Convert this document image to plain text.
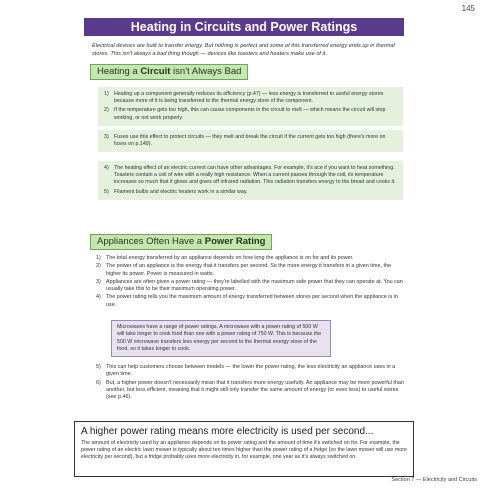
145
Heating in Circuits and Power Ratings
Electrical devices are built to transfer energy. But nothing is perfect and some of this transferred energy ends up in thermal stores. This isn't always a bad thing though — devices like toasters and heaters make use of it.
Heating a Circuit isn't Always Bad
1) Heating up a component generally reduces its efficiency (p.47) — less energy is transferred to useful energy stores because more of it is being transferred to the thermal energy store of the component.
2) If the temperature gets too high, this can cause components in the circuit to melt — which means the circuit will stop working, or not work properly.
3) Fuses use this effect to protect circuits — they melt and break the circuit if the current gets too high (there's more on fuses on p.149).
4) The heating effect of an electric current can have other advantages. For example, it's ace if you want to heat something. Toasters contain a coil of wire with a really high resistance. When a current passes through the coil, its temperature increases so much that it glows and gives off infrared radiation. This radiation transfers energy to the bread and cooks it.
5) Filament bulbs and electric heaters work in a similar way.
Appliances Often Have a Power Rating
1) The total energy transferred by an appliance depends on how long the appliance is on for and its power.
2) The power of an appliance is the energy that it transfers per second. So the more energy it transfers in a given time, the higher its power. Power is measured in watts.
3) Appliances are often given a power rating — they're labelled with the maximum safe power that they can operate at. You can usually take this to be their maximum operating power.
4) The power rating tells you the maximum amount of energy transferred between stores per second when the appliance is in use.
Microwaves have a range of power ratings. A microwave with a power rating of 500 W will take longer to cook food than one with a power rating of 750 W. This is because the 500 W microwave transfers less energy per second to the thermal energy store of the food, so it takes longer to cook.
5) This can help customers choose between models — the lower the power rating, the less electricity an appliance uses in a given time.
6) But, a higher power doesn't necessarily mean that it transfers more energy usefully. An appliance may be more powerful than another, but less efficient, meaning that it might still only transfer the same amount of energy (or even less) to useful stores (see p.46).
A higher power rating means more electricity is used per second...
The amount of electricity used by an appliance depends on its power rating and the amount of time it's switched on for. For example, the power rating of an electric lawn mower is typically about ten times higher than the power rating of a fridge (so the lawn mower will use more electricity per second), but a fridge probably uses more electricity in, for example, one year as it's always switched on.
Section 7 — Electricity and Circuits
